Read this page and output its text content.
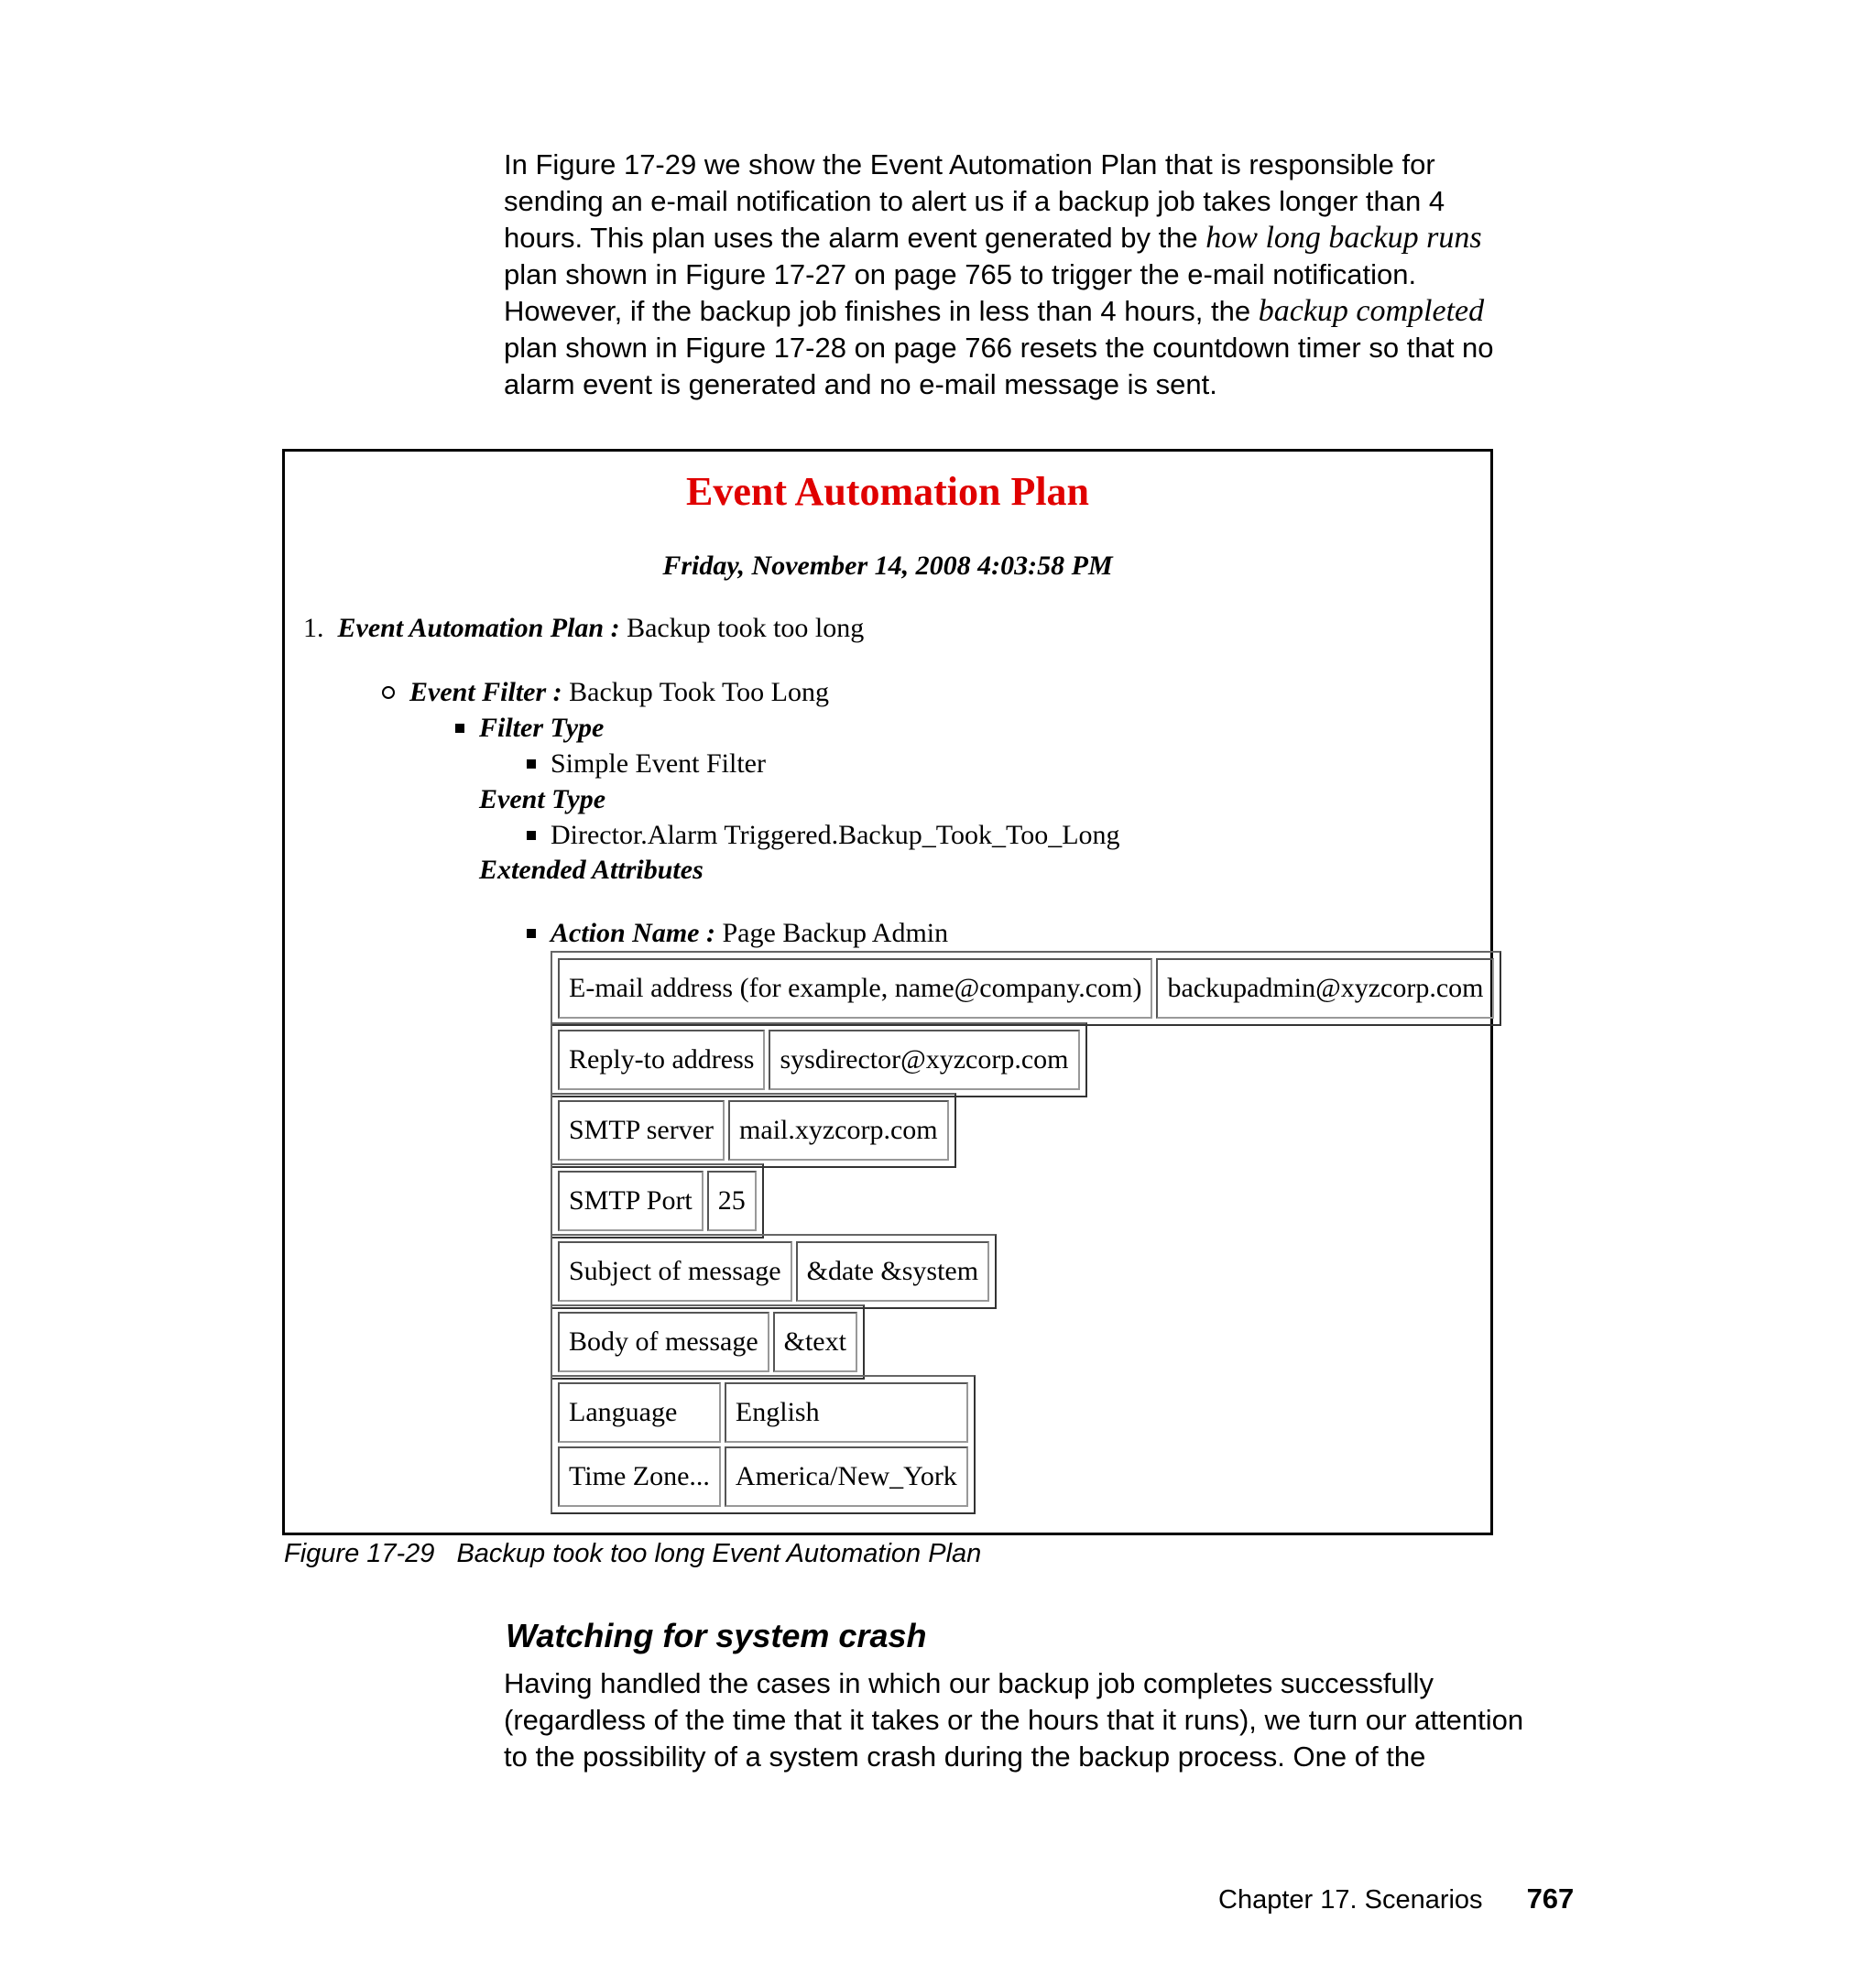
In Figure 17-29 we show the Event Automation Plan that is responsible for
sending an e-mail notification to alert us if a backup job takes longer than 4
hours. This plan uses the alarm event generated by the how long backup runs
plan shown in Figure 17-27 on page 765 to trigger the e-mail notification.
However, if the backup job finishes in less than 4 hours, the backup completed
plan shown in Figure 17-28 on page 766 resets the countdown timer so that no
alarm event is generated and no e-mail message is sent.
Event Automation Plan
Friday, November 14, 2008 4:03:58 PM
1. Event Automation Plan : Backup took too long
Event Filter : Backup Took Too Long
Filter Type
Simple Event Filter
Event Type
Director.Alarm Triggered.Backup_Took_Too_Long
Extended Attributes
Action Name : Page Backup Admin
E-mail address (for example, name@company.com)	backupadmin@xyzcorp.com
Reply-to address	sysdirector@xyzcorp.com
SMTP server	mail.xyzcorp.com
SMTP Port	25
Subject of message	&date &system
Body of message	&text
Language	English
Time Zone...	America/New_York
Figure 17-29 Backup took too long Event Automation Plan
Watching for system crash
Having handled the cases in which our backup job completes successfully
(regardless of the time that it takes or the hours that it runs), we turn our attention
to the possibility of a system crash during the backup process. One of the
Chapter 17. Scenarios 767
